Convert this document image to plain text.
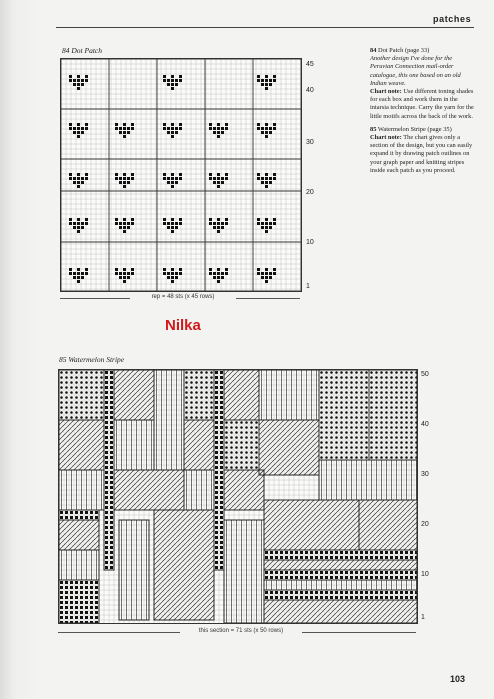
patches
84 Dot Patch
45
40
30
20
10
1
rep = 48 sts (x 45 rows)

84 Dot Patch (page 33)
Another design I've done for the Peruvian Connection mail-order catalogue, this one based on an old Indian weave.
Chart note: Use different toning shades for each box and work them in the intarsia technique. Carry the yarn for the little motifs across the back of the work.

85 Watermelon Stripe (page 35)
Chart note: The chart gives only a section of the design, but you can easily expand it by drawing patch outlines on your graph paper and knitting stripes inside each patch as you proceed.

Nilka
85 Watermelon Stripe
50
40
30
20
10
1
this section = 71 sts (x 50 rows)
103
